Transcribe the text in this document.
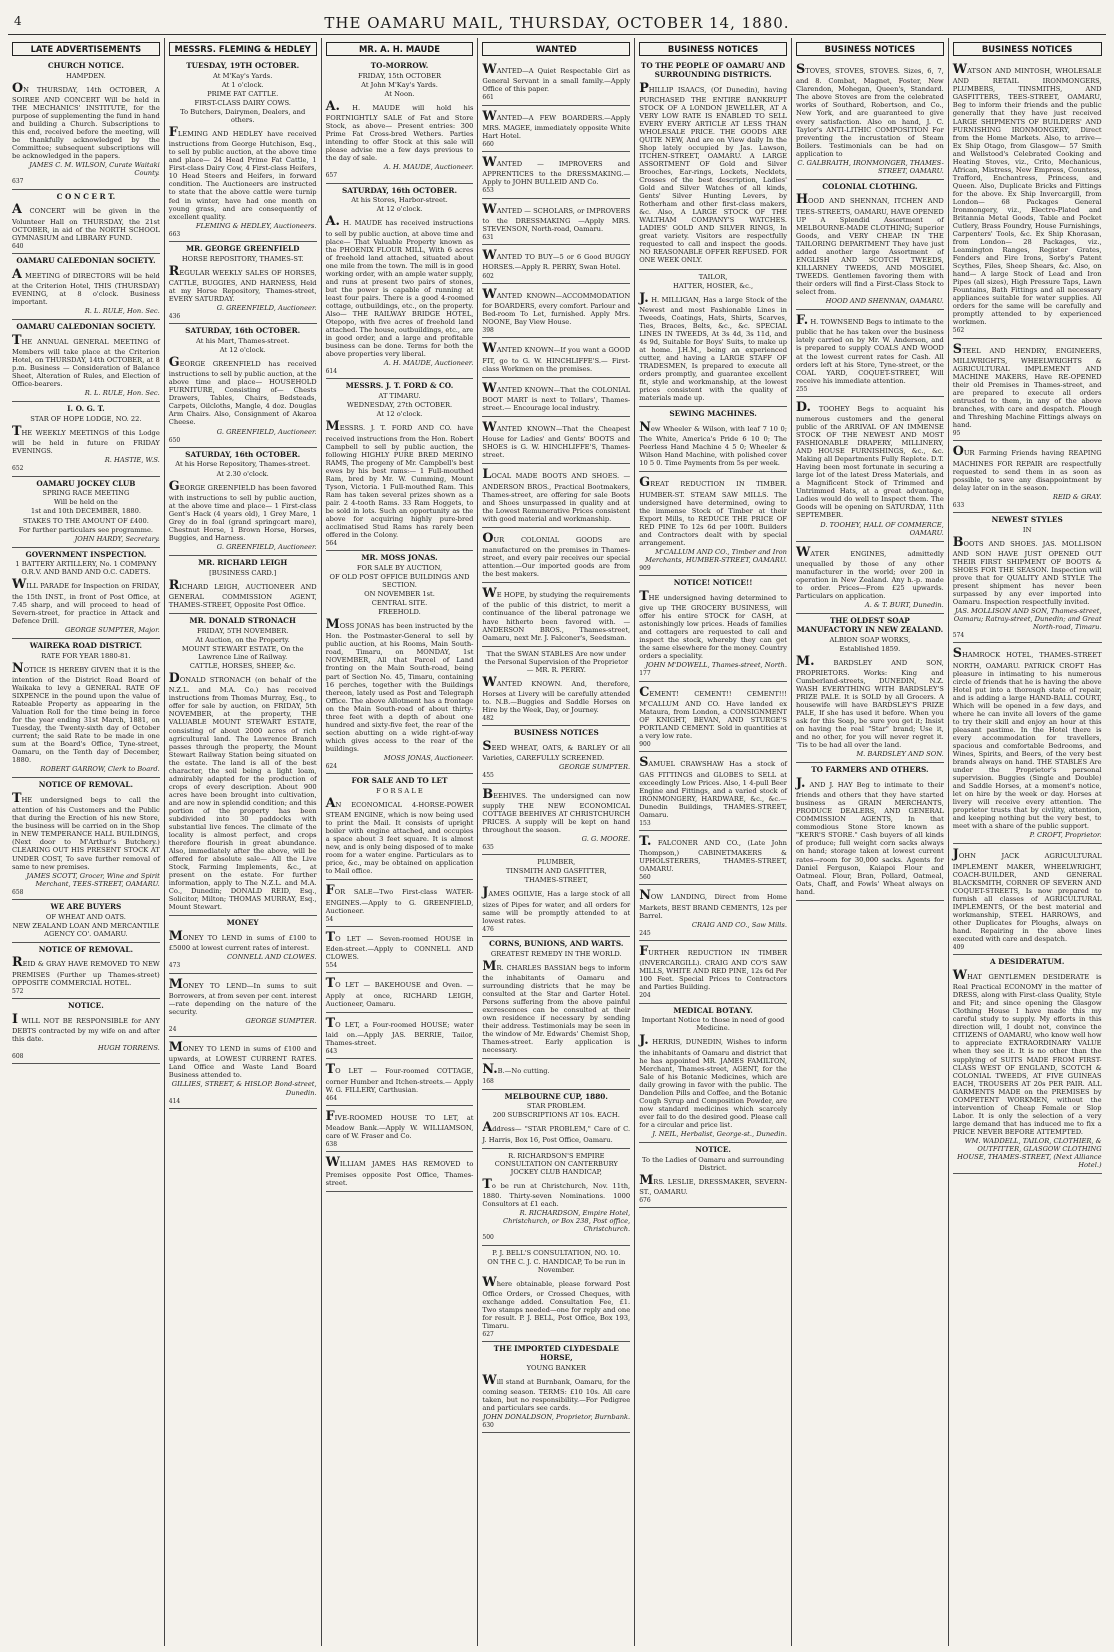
4	THE OAMARU MAIL, THURSDAY, OCTOBER 14, 1880.
LATE ADVERTISEMENTS
CHURCH NOTICE.
HAMPDEN.
ON THURSDAY, 14th OCTOBER, A SOIREE AND CONCERT Will be held in THE MECHANICS' INSTITUTE, for the purpose of supplementing the fund in hand and building a Church. Subscriptions to this end, received before the meeting, will be thankfully acknowledged by the Committee; subsequent subscriptions will be acknowledged in the papers.
JAMES C. M. WILSON, Curate Waitaki County.
637
C O N C E R T.
A CONCERT will be given in the Volunteer Hall on THURSDAY, the 21st OCTOBER, in aid of the NORTH SCHOOL GYMNASIUM and LIBRARY FUND.
640
OAMARU CALEDONIAN SOCIETY.
A MEETING of DIRECTORS will be held at the Criterion Hotel, THIS (THURSDAY) EVENING, at 8 o'clock. Business important.
R. L. RULE, Hon. Sec.
OAMARU CALEDONIAN SOCIETY.
THE ANNUAL GENERAL MEETING of Members will take place at the Criterion Hotel, on THURSDAY, 14th OCTOBER, at 8 p.m. Business — Consideration of Balance Sheet, Alteration of Rules, and Election of Office-bearers.
R. L. RULE, Hon. Sec.
I. O. G. T.
STAR OF HOPE LODGE, NO. 22.
THE WEEKLY MEETINGS of this Lodge will be held in future on FRIDAY EVENINGS.
R. HASTIE, W.S.
652
OAMARU JOCKEY CLUB
SPRING RACE MEETING
Will be held on the
1st and 10th DECEMBER, 1880.
STAKES TO THE AMOUNT OF £400.
For further particulars see programme.
JOHN HARDY, Secretary.
GOVERNMENT INSPECTION.
1 BATTERY ARTILLERY, No. 1 COMPANY O.R.V. AND BAND AND O.C. CADETS.
WILL PARADE for Inspection on FRIDAY, the 15th INST., in front of Post Office, at 7.45 sharp, and will proceed to head of Severn-street, for practice in Attack and Defence Drill.
GEORGE SUMPTER, Major.
WAIREKA ROAD DISTRICT.
RATE FOR YEAR 1880-81.
NOTICE IS HEREBY GIVEN that it is the intention of the District Road Board of Waikaka to levy a GENERAL RATE OF SIXPENCE in the pound upon the value of Rateable Property as appearing in the Valuation Roll for the time being in force for the year ending 31st March, 1881, on Tuesday, the Twenty-sixth day of October current; the said Rate to be made in one sum at the Board's Office, Tyne-street, Oamaru, on the Tenth day of December, 1880.
ROBERT GARROW, Clerk to Board.
NOTICE OF REMOVAL.
THE undersigned begs to call the attention of his Customers and the Public that during the Erection of his new Store, the business will be carried on in the Shop in NEW TEMPERANCE HALL BUILDINGS, (Next door to M'Arthur's Butchery.) CLEARING OUT HIS PRESENT STOCK AT UNDER COST, To save further removal of same to new premises.
JAMES SCOTT, Grocer, Wine and Spirit Merchant, TEES-STREET, OAMARU.
658
WE ARE BUYERS
OF WHEAT AND OATS.
NEW ZEALAND LOAN AND MERCANTILE AGENCY CO'. OAMARU.
NOTICE OF REMOVAL.
REID & GRAY HAVE REMOVED TO NEW PREMISES (Further up Thames-street) OPPOSITE COMMERCIAL HOTEL.
572
NOTICE.
I WILL NOT BE RESPONSIBLE for ANY DEBTS contracted by my wife on and after this date.
HUGH TORRENS.
608
MESSRS. FLEMING & HEDLEY
TUESDAY, 19TH OCTOBER.
At M'Kay's Yards.
At 1 o'clock.
PRIME FAT CATTLE.
FIRST-CLASS DAIRY COWS.
To Butchers, Dairymen, Dealers, and others.
FLEMING AND HEDLEY have received instructions from George Hutchison, Esq., to sell by public auction, at the above time and place— 24 Head Prime Fat Cattle, 1 First-class Dairy Cow, 4 First-class Heifers, 10 Head Steers and Heifers, in forward condition. The Auctioneers are instructed to state that the above cattle were turnip fed in winter, have had one month on young grass, and are consequently of excellent quality.
FLEMING & HEDLEY, Auctioneers.
663
MR. GEORGE GREENFIELD
HORSE REPOSITORY, THAMES-ST.
REGULAR WEEKLY SALES OF HORSES, CATTLE, BUGGIES, AND HARNESS, Held at my Horse Repository, Thames-street, EVERY SATURDAY.
G. GREENFIELD, Auctioneer.
436
SATURDAY, 16th OCTOBER.
At his Mart, Thames-street.
At 12 o'clock.
GEORGE GREENFIELD has received instructions to sell by public auction, at the above time and place— HOUSEHOLD FURNITURE, Consisting of— Chests Drawers, Tables, Chairs, Bedsteads, Carpets, Oilcloths, Mangle, 4 doz. Douglas Arm Chairs. Also, Consignment of Akaroa Cheese.
G. GREENFIELD, Auctioneer.
650
SATURDAY, 16th OCTOBER.
At his Horse Repository, Thames-street.
At 2.30 o'clock.
GEORGE GREENFIELD has been favored with instructions to sell by public auction, at the above time and place— 1 First-class Gent's Hack (4 years old), 1 Grey Mare, 1 Grey do in foal (grand springcart mare), Chestnut Horse, 1 Brown Horse, Horses, Buggies, and Harness.
G. GREENFIELD, Auctioneer.
MR. RICHARD LEIGH
[BUSINESS CARD.]
RICHARD LEIGH, AUCTIONEER AND GENERAL COMMISSION AGENT, THAMES-STREET, Opposite Post Office.
MR. DONALD STRONACH
FRIDAY, 5TH NOVEMBER.
At Auction, on the Property.
MOUNT STEWART ESTATE, On the Lawrence Line of Railway.
CATTLE, HORSES, SHEEP, &c.
DONALD STRONACH (on behalf of the N.Z.L. and M.A. Co.) has received instructions from Thomas Murray, Esq., to offer for sale by auction, on FRIDAY, 5th NOVEMBER, at the property, THE VALUABLE MOUNT STEWART ESTATE, consisting of about 2000 acres of rich agricultural land. The Lawrence Branch passes through the property, the Mount Stewart Railway Station being situated on the estate. The land is all of the best character, the soil being a light loam, admirably adapted for the production of crops of every description. About 900 acres have been brought into cultivation, and are now in splendid condition; and this portion of the property has been subdivided into 30 paddocks with substantial live fences. The climate of the locality is almost perfect, and crops therefore flourish in great abundance. Also, immediately after the above, will be offered for absolute sale— All the Live Stock, Farming Implements, &c., at present on the estate. For further information, apply to The N.Z.L. and M.A. Co., Dunedin; DONALD REID, Esq., Solicitor, Milton; THOMAS MURRAY, Esq., Mount Stewart.
MONEY
MONEY TO LEND in sums of £100 to £5000 at lowest current rates of interest.
CONNELL AND CLOWES.
473
MONEY TO LEND—In sums to suit Borrowers, at from seven per cent. interest—rate depending on the nature of the security.
GEORGE SUMPTER.
24
MONEY TO LEND in sums of £100 and upwards, at LOWEST CURRENT RATES. Land Office and Waste Land Board Business attended to.
GILLIES, STREET, & HISLOP. Bond-street, Dunedin.
414
MR. A. H. MAUDE
TO-MORROW.
FRIDAY, 15th OCTOBER
At John M'Kay's Yards.
At Noon.
A. H. MAUDE will hold his FORTNIGHTLY SALE of Fat and Store Stock, as above— Present entries: 300 Prime Fat Cross-bred Wethers. Parties intending to offer Stock at this sale will please advise me a few days previous to the day of sale.
A. H. MAUDE, Auctioneer.
657
SATURDAY, 16th OCTOBER.
At his Stores, Harbor-street.
At 12 o'clock.
A. H. MAUDE has received instructions to sell by public auction, at above time and place— That Valuable Property known as the PHOENIX FLOUR MILL, With 6 acres of freehold land attached, situated about one mile from the town. The mill is in good working order, with an ample water supply, and runs at present two pairs of stones, but the power is capable of running at least four pairs. There is a good 4-roomed cottage, outbuildings, etc., on the property. Also— THE RAILWAY BRIDGE HOTEL, Otepopo, with five acres of freehold land attached. The house, outbuildings, etc., are in good order, and a large and profitable business can be done. Terms for both the above properties very liberal.
A. H. MAUDE, Auctioneer.
614
MESSRS. J. T. FORD & CO.
AT TIMARU.
WEDNESDAY, 27th OCTOBER.
At 12 o'clock.
MESSRS. J. T. FORD AND CO. have received instructions from the Hon. Robert Campbell to sell by public auction, the following HIGHLY PURE BRED MERINO RAMS, The progeny of Mr. Campbell's best ewes by his best rams:— 1 Full-mouthed Ram, bred by Mr. W. Cumming, Mount Tyson, Victoria. 1 Full-mouthed Ram. This Ram has taken several prizes shown as a pair. 2 4-tooth Rams. 33 Ram Hoggets, to be sold in lots. Such an opportunity as the above for acquiring highly pure-bred acclimatised Stud Rams has rarely been offered in the Colony.
564
MR. MOSS JONAS.
FOR SALE BY AUCTION,
OF OLD POST OFFICE BUILDINGS AND SECTION.
ON NOVEMBER 1st.
CENTRAL SITE.
FREEHOLD.
MOSS JONAS has been instructed by the Hon. the Postmaster-General to sell by public auction, at his Rooms, Main South-road, Timaru, on MONDAY, 1st NOVEMBER, All that Parcel of Land fronting on the Main South-road, being part of Section No. 45, Timaru, containing 16 perches, together with the Buildings thereon, lately used as Post and Telegraph Office. The above Allotment has a frontage on the Main South-road of about thirty-three feet with a depth of about one hundred and sixty-five feet, the rear of the section abutting on a wide right-of-way which gives access to the rear of the buildings.
MOSS JONAS, Auctioneer.
624
FOR SALE AND TO LET
F O R S A L E
AN ECONOMICAL 4-HORSE-POWER STEAM ENGINE, which is now being used to print the Mail. It consists of upright boiler with engine attached, and occupies a space about 3 feet square. It is almost new, and is only being disposed of to make room for a water engine. Particulars as to price, &c., may be obtained on application to Mail office.
FOR SALE—Two First-class WATER-ENGINES.—Apply to G. GREENFIELD, Auctioneer.
54
TO LET — Seven-roomed HOUSE in Eden-street.—Apply to CONNELL AND CLOWES.
554
TO LET — BAKEHOUSE and Oven. —Apply at once, RICHARD LEIGH, Auctioneer, Oamaru.
TO LET, a Four-roomed HOUSE; water laid on.—Apply JAS. BERRIE, Tailor, Thames-street.
643
TO LET — Four-roomed COTTAGE, corner Humber and Itchen-streets.— Apply W. G. FILLERY, Carthusian.
464
FIVE-ROOMED HOUSE TO LET, at Meadow Bank.—Apply W. WILLIAMSON, care of W. Fraser and Co.
638
WILLIAM JAMES HAS REMOVED to Premises opposite Post Office, Thames-street.
WANTED
WANTED—A Quiet Respectable Girl as General Servant in a small family.—Apply Office of this paper.
661
WANTED—A FEW BOARDERS.—Apply MRS. MAGEE, immediately opposite White Hart Hotel.
660
WANTED — IMPROVERS and APPRENTICES to the DRESSMAKING.—Apply to JOHN BULLEID AND Co.
653
WANTED — SCHOLARS, or IMPROVERS to the DRESSMAKING —Apply MRS. STEVENSON, North-road, Oamaru.
631
WANTED TO BUY—5 or 6 Good BUGGY HORSES.—Apply R. PERRY, Swan Hotel.
602
WANTED KNOWN—ACCOMMODATION for BOARDERS, every comfort. Parlour and Bed-room To Let, furnished. Apply Mrs. NOONE, Bay View House.
398
WANTED KNOWN—If you want a GOOD FIT, go to G. W. HINCHLIFFE'S.— First-class Workmen on the premises.
WANTED KNOWN—That the COLONIAL BOOT MART is next to Tollars', Thames-street.— Encourage local industry.
WANTED KNOWN—That the Cheapest House for Ladies' and Gents' BOOTS and SHOES is G. W. HINCHLIFFE'S, Thames-street.
LOCAL MADE BOOTS AND SHOES. —ANDERSON BROS., Practical Bootmakers, Thames-street, are offering for sale Boots and Shoes unsurpassed in quality and at the Lowest Remunerative Prices consistent with good material and workmanship.
OUR COLONIAL GOODS are manufactured on the premises in Thames-street, and every pair receives our special attention.—Our imported goods are from the best makers.
WE HOPE, by studying the requirements of the public of this district, to merit a continuance of the liberal patronage we have hitherto been favored with. —ANDERSON BROS., Thames-street, Oamaru, next Mr. J. Falconer's, Seedsman.
That the SWAN STABLES Are now under the Personal Supervision of the Proprietor— MR. R. PERRY.
WANTED KNOWN. And, therefore, Horses at Livery will be carefully attended to. N.B.—Buggies and Saddle Horses on Hire by the Week, Day, or Journey.
482
BUSINESS NOTICES
SEED WHEAT, OATS, & BARLEY Of all Varieties, CAREFULLY SCREENED.
GEORGE SUMPTER.
455
BEEHIVES. The undersigned can now supply THE NEW ECONOMICAL COTTAGE BEEHIVES AT CHRISTCHURCH PRICES. A supply will be kept on hand throughout the season.
G. G. MOORE.
635
PLUMBER,
TINSMITH AND GASFITTER,
THAMES-STREET,
JAMES OGILVIE, Has a large stock of all sizes of Pipes for water, and all orders for same will be promptly attended to at lowest rates.
476
CORNS, BUNIONS, AND WARTS.
GREATEST REMEDY IN THE WORLD.
MR. CHARLES BASSIAN begs to inform the inhabitants of Oamaru and surrounding districts that he may be consulted at the Star and Garter Hotel. Persons suffering from the above painful excrescences can be consulted at their own residence if necessary by sending their address. Testimonials may be seen in the window of Mr. Edwards' Chemist Shop, Thames-street. Early application is necessary.
N.B.—No cutting.
168
MELBOURNE CUP, 1880.
STAR PROBLEM.
200 SUBSCRIPTIONS AT 10s. EACH.
Address— "STAR PROBLEM," Care of C. J. Harris, Box 16, Post Office, Oamaru.
R. RICHARDSON'S EMPIRE CONSULTATION ON CANTERBURY JOCKEY CLUB HANDICAP,
To be run at Christchurch, Nov. 11th, 1880. Thirty-seven Nominations. 1000 Consultors at £1 each.
R. RICHARDSON, Empire Hotel, Christchurch, or Box 238, Post office, Christchurch.
500
P. J. BELL'S CONSULTATION, NO. 10.
ON THE C. J. C. HANDICAP, To be run in November.
Where obtainable, please forward Post Office Orders, or Crossed Cheques, with exchange added. Consultation Fee, £1. Two stamps needed—one for reply and one for result. P. J. BELL, Post Office, Box 193, Timaru.
627
THE IMPORTED CLYDESDALE HORSE,
YOUNG BANKER
Will stand at Burnbank, Oamaru, for the coming season. TERMS: £10 10s. All care taken, but no responsibility.—For Pedigree and particulars see cards.
JOHN DONALDSON, Proprietor, Burnbank.
630
BUSINESS NOTICES
TO THE PEOPLE OF OAMARU AND SURROUNDING DISTRICTS.
PHILLIP ISAACS, (Of Dunedin), having PURCHASED THE ENTIRE BANKRUPT STOCK OF A LONDON JEWELLER, AT A VERY LOW RATE IS ENABLED TO SELL EVERY EVERY ARTICLE AT LESS THAN WHOLESALE PRICE. THE GOODS ARE QUITE NEW, And are on View daily In the Shop lately occupied by Jas. Lawson, ITCHEN-STREET, OAMARU. A LARGE ASSORTMENT OF Gold and Silver Brooches, Ear-rings, Lockets, Necklets, Crosses of the best description, Ladies' Gold and Silver Watches of all kinds, Gents' Silver Hunting Levers, by Rotherham and other first-class makers, &c. Also, A LARGE STOCK OF THE WALTHAM COMPANY'S WATCHES. LADIES' GOLD AND SILVER RINGS, In great variety. Visitors are respectfully requested to call and inspect the goods. NO REASONABLE OFFER REFUSED. FOR ONE WEEK ONLY.
TAILOR,
HATTER, HOSIER, &c.,
J. H. MILLIGAN, Has a large Stock of the Newest and most Fashionable Lines in Tweeds, Coatings, Hats, Shirts, Scarves, Ties, Braces, Belts, &c., &c. SPECIAL LINES IN TWEEDS, At 3s 4d, 3s 11d, and 4s 9d, Suitable for Boys' Suits, to make up at home. J.H.M., being an experienced cutter, and having a LARGE STAFF OF TRADESMEN, Is prepared to execute all orders promptly, and guarantee excellent fit, style and workmanship, at the lowest prices consistent with the quality of materials made up.
SEWING MACHINES.
New Wheeler & Wilson, with leaf 7 10 0; The White, America's Pride 6 10 0; The Peerless Hand Machine 4 5 0; Wheeler & Wilson Hand Machine, with polished cover 10 5 0. Time Payments from 5s per week.
GREAT REDUCTION IN TIMBER. HUMBER-ST. STEAM SAW MILLS. The undersigned have determined, owing to the immense Stock of Timber at their Export Mills, to REDUCE THE PRICE OF RED PINE To 12s 6d per 100ft. Builders and Contractors dealt with by special arrangement.
M'CALLUM AND CO., Timber and Iron Merchants, HUMBER-STREET, OAMARU.
909
NOTICE! NOTICE!!
THE undersigned having determined to give up THE GROCERY BUSINESS, will offer his entire STOCK for CASH, at astonishingly low prices. Heads of families and cottagers are requested to call and inspect the stock, whereby they can get the same elsewhere for the money. Country orders a speciality.
JOHN M'DOWELL, Thames-street, North.
177
CEMENT! CEMENT!! CEMENT!!! M'CALLUM AND CO. Have landed ex Mataura, from London, a CONSIGNMENT OF KNIGHT, BEVAN, AND STURGE'S PORTLAND CEMENT. Sold in quantities at a very low rate.
900
SAMUEL CRAWSHAW Has a stock of GAS FITTINGS and GLOBES to SELL at exceedingly Low Prices. Also, 1 4-pull Beer Engine and Fittings, and a varied stock of IRONMONGERY, HARDWARE, &c., &c.—Dunedin Buildings, THAMES-STREET, Oamaru.
153
T. FALCONER AND CO., (Late John Thompson,) CABINETMAKERS & UPHOLSTERERS, THAMES-STREET, OAMARU.
560
NOW LANDING, Direct from Home Markets, BEST BRAND CEMENTS, 12s per Barrel.
CRAIG AND CO., Saw Mills.
245
FURTHER REDUCTION IN TIMBER (INVERCARGILL). CRAIG AND CO'S SAW MILLS, WHITE AND RED PINE, 12s 6d Per 100 Feet. Special Prices to Contractors and Parties Building.
204
MEDICAL BOTANY.
Important Notice to those in need of good Medicine.
J. HERRIS, DUNEDIN, Wishes to inform the inhabitants of Oamaru and district that he has appointed MR. JAMES FAMILTON, Merchant, Thames-street, AGENT, for the Sale of his Botanic Medicines, which are daily growing in favor with the public. The Dandelion Pills and Coffee, and the Botanic Cough Syrup and Composition Powder, are now standard medicines which scarcely ever fail to do the desired good. Please call for a circular and price list.
J. NEIL, Herbalist, George-st., Dunedin.
NOTICE.
To the Ladies of Oamaru and surrounding District.
MRS. LESLIE, DRESSMAKER, SEVERN-ST., OAMARU.
676
BUSINESS NOTICES
STOVES, STOVES, STOVES. Sizes, 6, 7, and 8. Combat, Magnet, Foster, New Clarendon, Mohegan, Queen's, Standard. The above Stoves are from the celebrated works of Southard, Robertson, and Co., New York, and are guaranteed to give every satisfaction. Also on hand, J. C. Taylor's ANTI-LITHIC COMPOSITION For preventing the incrustation of Steam Boilers. Testimonials can be had on application to
C. GALBRAITH, IRONMONGER, THAMES-STREET, OAMARU.
COLONIAL CLOTHING.
HOOD AND SHENNAN, ITCHEN AND TEES-STREETS, OAMARU, HAVE OPENED UP A Splendid Assortment of MELBOURNE-MADE CLOTHING; Superior Goods, and VERY CHEAP. IN THE TAILORING DEPARTMENT They have just added another large Assortment of ENGLISH AND SCOTCH TWEEDS, KILLARNEY TWEEDS, AND MOSGIEL TWEEDS. Gentlemen favoring them with their orders will find a First-Class Stock to select from.
HOOD AND SHENNAN, OAMARU.
F. H. TOWNSEND Begs to intimate to the public that he has taken over the business lately carried on by Mr. W. Anderson, and is prepared to supply COALS AND WOOD at the lowest current rates for Cash. All orders left at his Store, Tyne-street, or the COAL YARD, COQUET-STREET, Will receive his immediate attention.
255
D. TOOHEY Begs to acquaint his numerous customers and the general public of the ARRIVAL OF AN IMMENSE STOCK OF THE NEWEST AND MOST FASHIONABLE DRAPERY, MILLINERY, AND HOUSE FURNISHINGS, &c., &c. Making all Departments Fully Replete. D.T. Having been most fortunate in securing a large lot of the latest Dress Materials, and a Magnificent Stock of Trimmed and Untrimmed Hats, at a great advantage, Ladies would do well to Inspect them. The Goods will be opening on SATURDAY, 11th SEPTEMBER.
D. TOOHEY, HALL OF COMMERCE, OAMARU.
WATER ENGINES, admittedly unequalled by those of any other manufacturer in the world; over 200 in operation in New Zealand. Any h.-p. made to order. Prices—From £25 upwards. Particulars on application.
A. & T. BURT, Dunedin.
THE OLDEST SOAP MANUFACTORY IN NEW ZEALAND.
ALBION SOAP WORKS,
Established 1859.
M. BARDSLEY AND SON, PROPRIETORS. Works: King and Cumberland-streets, DUNEDIN, N.Z. WASH EVERYTHING WITH BARDSLEY'S PRIZE PALE. It is SOLD by all Grocers. A housewife will have BARDSLEY'S PRIZE PALE, If she has used it before. When you ask for this Soap, be sure you get it; Insist on having the real "Star" brand; Use it, and no other, for you will never regret it. 'Tis to be had all over the land.
M. BARDSLEY AND SON.
TO FARMERS AND OTHERS.
J. AND J. HAY Beg to intimate to their friends and others that they have started business as GRAIN MERCHANTS, PRODUCE DEALERS, AND GENERAL COMMISSION AGENTS, In that commodious Stone Store known as "KERR'S STORE." Cash buyers of all kinds of produce; full weight corn sacks always on hand; storage taken at lowest current rates—room for 30,000 sacks. Agents for Daniel Ferguson, Kaiapoi Flour and Oatmeal. Flour, Bran, Pollard, Oatmeal, Oats, Chaff, and Fowls' Wheat always on hand.
BUSINESS NOTICES
WATSON AND MINTOSH, WHOLESALE AND RETAIL IRONMONGERS, PLUMBERS, TINSMITHS, AND GASFITTERS, TEES-STREET, OAMARU, Beg to inform their friends and the public generally that they have just received LARGE SHIPMENTS OF BUILDERS' AND FURNISHING IRONMONGERY, Direct from the Home Markets. Also, to arrive— Ex Ship Otago, from Glasgow— 57 Smith and Wellstood's Celebrated Cooking and Heating Stoves, viz., Crito, Mechanicus, African, Mistress, New Empress, Countess, Trafford, Enchantress, Princess, and Queen. Also, Duplicate Bricks and Fittings for the above. Ex Ship Invercargill, from London— 68 Packages General Ironmongery, viz., Electro-Plated and Britannia Metal Goods, Table and Pocket Cutlery, Brass Foundry, House Furnishings, Carpenters' Tools, &c. Ex Ship Khorasan, from London— 28 Packages, viz., Leamington Ranges, Register Grates, Fenders and Fire Irons, Sorby's Patent Scythes, Files, Sheep Shears, &c. Also, on hand— A large Stock of Lead and Iron Pipes (all sizes), High Pressure Taps, Lawn Fountains, Bath Fittings and all necessary appliances suitable for water supplies. All orders for the same will be carefully and promptly attended to by experienced workmen.
562
STEEL AND HENDRY, ENGINEERS, MILLWRIGHTS, WHEELWRIGHTS & AGRICULTURAL IMPLEMENT AND MACHINE MAKERS, Have RE-OPENED their old Premises in Thames-street, and are prepared to execute all orders entrusted to them, in any of the above branches, with care and despatch. Plough and Threshing Machine Fittings always on hand.
95
OUR Farming Friends having REAPING MACHINES FOR REPAIR are respectfully requested to send them in as soon as possible, to save any disappointment by delay later on in the season.
REID & GRAY.
633
NEWEST STYLES
IN
BOOTS AND SHOES. JAS. MOLLISON AND SON HAVE JUST OPENED OUT THEIR FIRST SHIPMENT OF BOOTS & SHOES FOR THE SEASON. Inspection will prove that for QUALITY AND STYLE The present shipment has never been surpassed by any ever imported into Oamaru. Inspection respectfully invited.
JAS. MOLLISON AND SON, Thames-street, Oamaru; Ratray-street, Dunedin; and Great North-road, Timaru.
574
SHAMROCK HOTEL, THAMES-STREET NORTH, OAMARU. PATRICK CROFT Has pleasure in intimating to his numerous circle of friends that he is having the above Hotel put into a thorough state of repair, and is adding a large HAND-BALL COURT, Which will be opened in a few days, and where he can invite all lovers of the game to try their skill and enjoy an hour at this pleasant pastime. In the Hotel there is every accommodation for travellers, spacious and comfortable Bedrooms, and Wines, Spirits, and Beers, of the very best brands always on hand. THE STABLES Are under the Proprietor's personal supervision. Buggies (Single and Double) and Saddle Horses, at a moment's notice, let on hire by the week or day. Horses at livery will receive every attention. The proprietor trusts that by civility, attention, and keeping nothing but the very best, to meet with a share of the public support.
P. CROFT, Proprietor.
JOHN JACK AGRICULTURAL IMPLEMENT MAKER, WHEELWRIGHT, COACH-BUILDER, AND GENERAL BLACKSMITH, CORNER OF SEVERN AND COQUET-STREETS, Is now prepared to furnish all classes of AGRICULTURAL IMPLEMENTS, Of the best material and workmanship, STEEL HARROWS, and other Duplicates for Ploughs, always on hand. Repairing in the above lines executed with care and despatch.
409
A DESIDERATUM.
WHAT GENTLEMEN DESIDERATE is Real Practical ECONOMY in the matter of DRESS, along with First-class Quality, Style and Fit; and since opening the Glasgow Clothing House I have made this my careful study to supply. My efforts in this direction will, I doubt not, convince the CITIZENS of OAMARU, who know well how to appreciate EXTRAORDINARY VALUE when they see it. It is no other than the supplying of SUITS MADE FROM FIRST-CLASS WEST OF ENGLAND, SCOTCH & COLONIAL TWEEDS, AT FIVE GUINEAS EACH, TROUSERS AT 20s PER PAIR. ALL GARMENTS MADE on the PREMISES by COMPETENT WORKMEN, without the intervention of Cheap Female or Slop Labor. It is only the selection of a very large demand that has induced me to fix a PRICE NEVER BEFORE ATTEMPTED.
WM. WADDELL, TAILOR, CLOTHIER, & OUTFITTER, GLASGOW CLOTHING HOUSE, THAMES-STREET, (Next Alliance Hotel.)
